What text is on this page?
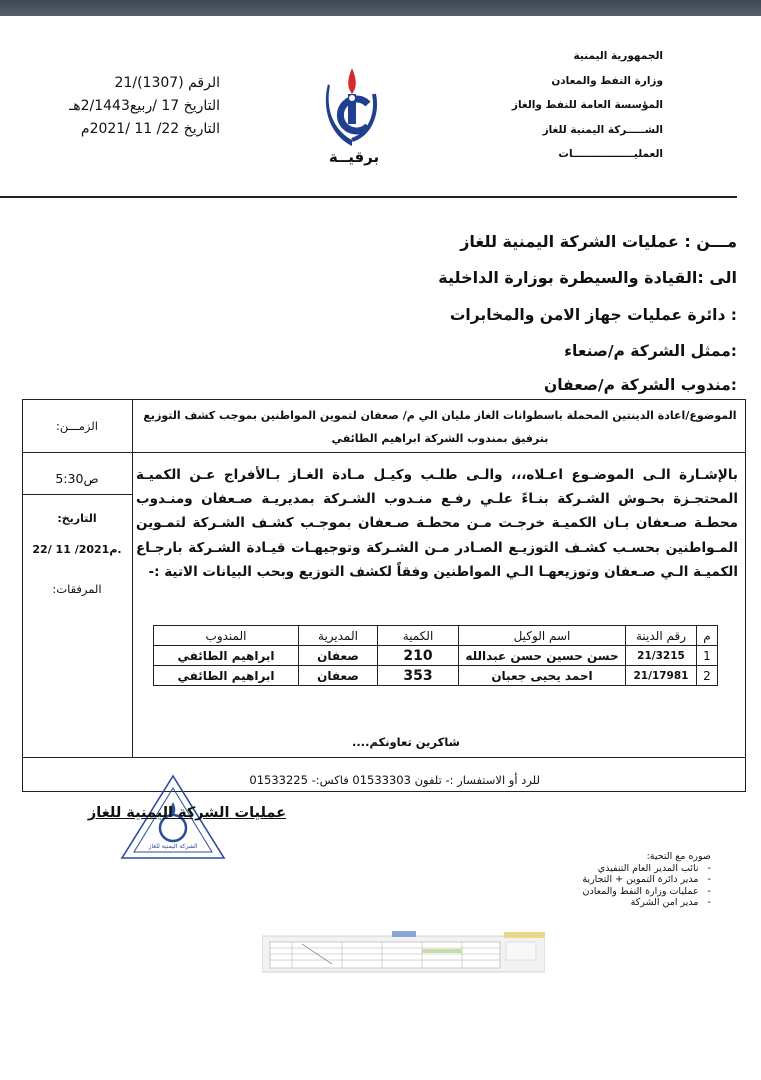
الجمهورية اليمنية
وزارة النفط والمعادن
المؤسسة العامة للنفط والغاز
الشـــــركة اليمنية للغاز
العمليـــــــــــــــــات
برقيــة
الرقم (1307)/21
التاريخ 17 /ربيع2/1443هـ
التاريخ 22/ 11 /2021م
مـــن : عمليات الشركة اليمنية للغاز
الى :القيادة والسيطرة بوزارة الداخلية
: دائرة عمليات جهاز الامن والمخابرات
:ممثل الشركة م/صنعاء
:مندوب الشركة م/صعفان
الزمـــن:
5:30ص
التاريخ:
22/ 11 /2021م.
المرفقات:
الموضوع/اعادة الدينتين المحملة باسطوانات الغاز مليان الي م/ صعفان لتموين المواطنين بموجب كشف التوزيع
بترفيق بمندوب الشركة ابراهيم الطائفي
بالإشـارة الـى الموضـوع اعـلاه،،، والـى طلـب وكيـل مـادة الغـاز بـالأفراج عـن الكميـة المحتجـزة بحـوش الشـركة بنـاءً علـي رفـع منـدوب الشـركة بمديريـة صـعفان ومنـدوب محطـة صـعفان بـان الكميـة خرجـت مـن محطـة صـعفان بموجـب كشـف الشـركة لتمـوين المـواطنين بحسـب كشـف التوزيـع الصـادر مـن الشـركة وتوجيهـات قيـادة الشـركة بارجـاع الكميـة الـي صـعفان وتوزيعهـا الـي المواطنين وفقاً لكشف التوزيع وبحب البيانات الاتية :-
م	رقم الدينة	اسم الوكيل	الكمية	المديرية	المندوب
1	21/3215	حسن حسين حسن عبدالله	210	صعفان	ابراهيم الطائفي
2	21/17981	احمد يحيى جعبان	353	صعفان	ابراهيم الطائفي
شاكرين تعاونكم....
للرد أو الاستفسار :- تلفون 01533303 فاكس:- 01533225
الشركة اليمنية للغاز
عمليات الشركة اليمنية للغاز
صوره مع التحية:
-   نائب المدير العام التنفيذي
-   مدير دائرة التموين + التجارية
-   عمليات وزارة النفط والمعادن
-   مدير امن الشركة
